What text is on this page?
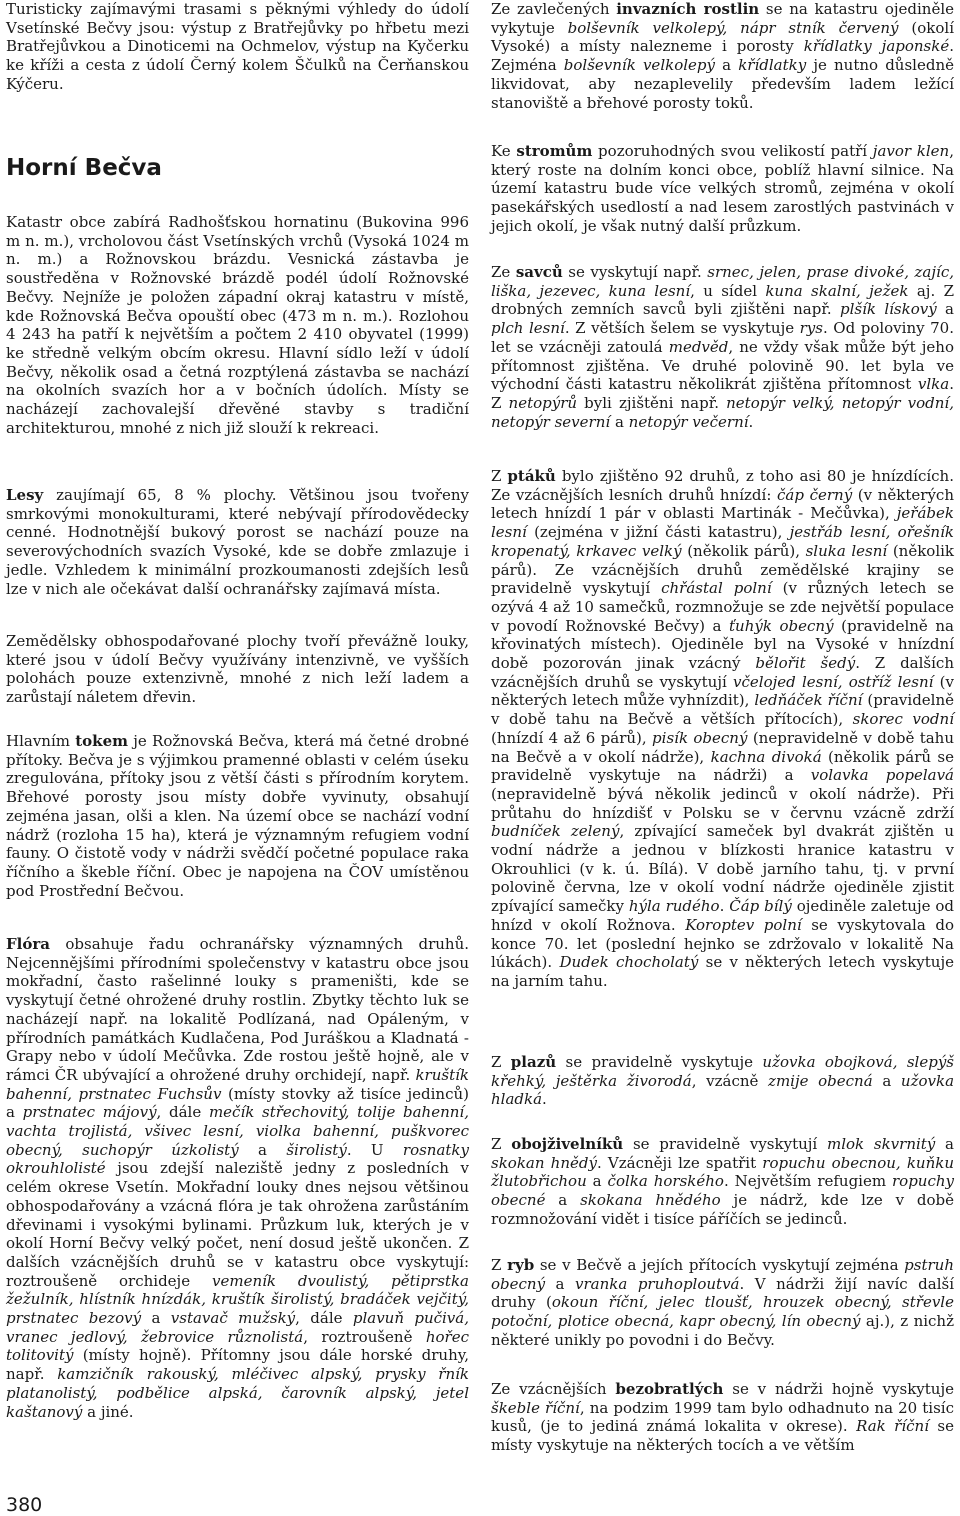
Turisticky zajímavými trasami s pěknými výhledy do údolí Vsetínské Bečvy jsou: výstup z Bratřejůvky po hřbetu mezi Bratřejůvkou a Dinoticemi na Ochmelov, výstup na Kyčerku ke kříži a cesta z údolí Černý kolem Ščulků na Čerňanskou Kýčeru.

Katastr obce zabírá Radhošťskou hornatinu (Bukovina 996 m n. m.), vrcholovou část Vsetínských vrchů (Vysoká 1024 m n. m.) a Rožnovskou brázdu. Vesnická zástavba je soustředěna v Rožnovské brázdě podél údolí Rožnovské Bečvy. Nejníže je položen západní okraj katastru v místě, kde Rožnovská Bečva opouští obec (473 m n. m.). Rozlohou 4 243 ha patří k největším a počtem 2 410 obyvatel (1999) ke středně velkým obcím okresu. Hlavní sídlo leží v údolí Bečvy, několik osad a četná rozptýlená zástavba se nachází na okolních svazích hor a v bočních údolích. Místy se nacházejí zachovalejší dřevěné stavby s tradiční architekturou, mnohé z nich již slouží k rekreaci.

Lesy zaujímají 65, 8 % plochy. Většinou jsou tvořeny smrkovými monokulturami, které nebývají přírodovědecky cenné. Hodnotnější bukový porost se nachází pouze na severovýchodních svazích Vysoké, kde se dobře zmlazuje i jedle. Vzhledem k minimální prozkoumanosti zdejších lesů lze v nich ale očekávat další ochranářsky zajímavá místa.

Zemědělsky obhospodařované plochy tvoří převážně louky, které jsou v údolí Bečvy využívány intenzivně, ve vyšších polohách pouze extenzivně, mnohé z nich leží ladem a zarůstají náletem dřevin.

Hlavním tokem je Rožnovská Bečva, která má četné drobné přítoky. Bečva je s výjimkou pramenné oblasti v celém úseku zregulována, přítoky jsou z větší části s přírodním korytem. Břehové porosty jsou místy dobře vyvinuty, obsahují zejména jasan, olši a klen. Na území obce se nachází vodní nádrž (rozloha 15 ha), která je významným refugiem vodní fauny. O čistotě vody v nádrži svědčí početné populace raka říčního a škeble říční. Obec je napojena na ČOV umístěnou pod Prostřední Bečvou.

Flóra obsahuje řadu ochranářsky významných druhů. Nejcennějšími přírodními společenstvy v katastru obce jsou mokřadní, často rašelinné louky s prameništi, kde se vyskytují četné ohrožené druhy rostlin. Zbytky těchto luk se nacházejí např. na lokalitě Podlízaná, nad Opáleným, v přírodních památkách Kudlačena, Pod Juráškou a Kladnatá - Grapy nebo v údolí Mečůvka. Zde rostou ještě hojně, ale v rámci ČR ubývající a ohrožené druhy orchidejí, např. kruštík bahenní, prstnatec Fuchsův (místy stovky až tisíce jedinců) a prstnatec májový, dále mečík střechovitý, tolije bahenní, vachta trojlistá, všivec lesní, violka bahenní, puškvorec obecný, suchopýr úzkolistý a širolistý. U rosnatky okrouhlolisté jsou zdejší naleziště jedny z posledních v celém okrese Vsetín. Mokřadní louky dnes nejsou většinou obhospodařovány a vzácná flóra je tak ohrožena zarůstáním dřevinami i vysokými bylinami. Průzkum luk, kterých je v okolí Horní Bečvy velký počet, není dosud ještě ukončen. Z dalších vzácnějších druhů se v katastru obce vyskytují: roztroušeně orchideje vemeník dvoulistý, pětiprstka žežulník, hlístník hnízdák, kruštík širolistý, bradáček vejčitý, prstnatec bezový a vstavač mužský, dále plavuň pučivá, vranec jedlový, žebrovice různolistá, roztroušeně hořec tolitovitý (místy hojně). Přítomny jsou dále horské druhy, např. kamzičník rakouský, mléčivec alpský, prysky řník platanolistý, podbělice alpská, čarovník alpský, jetel kaštanový a jiné.

Horní Bečva

Ze zavlečených invazních rostlin se na katastru ojediněle vykytuje bolševník velkolepý, nápr stník červený (okolí Vysoké) a místy nalezneme i porosty křídlatky japonské. Zejména bolševník velkolepý a křídlatky je nutno důsledně likvidovat, aby nezaplevelily především ladem ležící stanoviště a břehové porosty toků.

Ke stromům pozoruhodných svou velikostí patří javor klen, který roste na dolním konci obce, poblíž hlavní silnice. Na území katastru bude více velkých stromů, zejména v okolí pasekářských usedlostí a nad lesem zarostlých pastvinách v jejich okolí, je však nutný další průzkum.

Ze savců se vyskytují např. srnec, jelen, prase divoké, zajíc, liška, jezevec, kuna lesní, u sídel kuna skalní, ježek aj. Z drobných zemních savců byli zjištěni např. plšík lískový a plch lesní. Z větších šelem se vyskytuje rys. Od poloviny 70. let se vzácněji zatoulá medvěd, ne vždy však může být jeho přítomnost zjištěna. Ve druhé polovině 90. let byla ve východní části katastru několikrát zjištěna přítomnost vlka. Z netopýrů byli zjištěni např. netopýr velký, netopýr vodní, netopýr severní a netopýr večerní.

Z ptáků bylo zjištěno 92 druhů, z toho asi 80 je hnízdících. Ze vzácnějších lesních druhů hnízdí: čáp černý (v některých letech hnízdí 1 pár v oblasti Martinák - Mečůvka), jeřábek lesní (zejména v jižní části katastru), jestřáb lesní, ořešník kropenatý, krkavec velký (několik párů), sluka lesní (několik párů). Ze vzácnějších druhů zemědělské krajiny se pravidelně vyskytují chřástal polní (v různých letech se ozývá 4 až 10 samečků, rozmnožuje se zde největší populace v povodí Rožnovské Bečvy) a ťuhýk obecný (pravidelně na křovinatých místech). Ojediněle byl na Vysoké v hnízdní době pozorován jinak vzácný bělořit šedý. Z dalších vzácnějších druhů se vyskytují včelojed lesní, ostříž lesní (v některých letech může vyhnízdit), ledňáček říční (pravidelně v době tahu na Bečvě a větších přítocích), skorec vodní (hnízdí 4 až 6 párů), pisík obecný (nepravidelně v době tahu na Bečvě a v okolí nádrže), kachna divoká (několik párů se pravidelně vyskytuje na nádrži) a volavka popelavá (nepravidelně bývá několik jedinců v okolí nádrže). Při průtahu do hnízdišť v Polsku se v červnu vzácně zdrží budníček zelený, zpívající sameček byl dvakrát zjištěn u vodní nádrže a jednou v blízkosti hranice katastru v Okrouhlici (v k. ú. Bílá). V době jarního tahu, tj. v první polovině června, lze v okolí vodní nádrže ojediněle zjistit zpívající samečky hýla rudého. Čáp bílý ojediněle zaletuje od hnízd v okolí Rožnova. Koroptev polní se vyskytovala do konce 70. let (poslední hejnko se zdržovalo v lokalitě Na lúkách). Dudek chocholatý se v některých letech vyskytuje na jarním tahu.

Z plazů se pravidelně vyskytuje užovka obojková, slepýš křehký, ještěrka živorodá, vzácně zmije obecná a užovka hladká.

Z obojživelníků se pravidelně vyskytují mlok skvrnitý a skokan hnědý. Vzácněji lze spatřit ropuchu obecnou, kuňku žlutobřichou a čolka horského. Největším refugiem ropuchy obecné a skokana hnědého je nádrž, kde lze v době rozmnožování vidět i tisíce páříčích se jedinců.

Z ryb se v Bečvě a jejích přítocích vyskytují zejména pstruh obecný a vranka pruhoploutvá. V nádrži žijí navíc další druhy (okoun říční, jelec tloušť, hrouzek obecný, střevle potoční, plotice obecná, kapr obecný, lín obecný aj.), z nichž některé unikly po povodni i do Bečvy.

Ze vzácnějších bezobratlých se v nádrži hojně vyskytuje škeble říční, na podzim 1999 tam bylo odhadnuto na 20 tisíc kusů, (je to jediná známá lokalita v okrese). Rak říční se místy vyskytuje na některých tocích a ve větším

380
